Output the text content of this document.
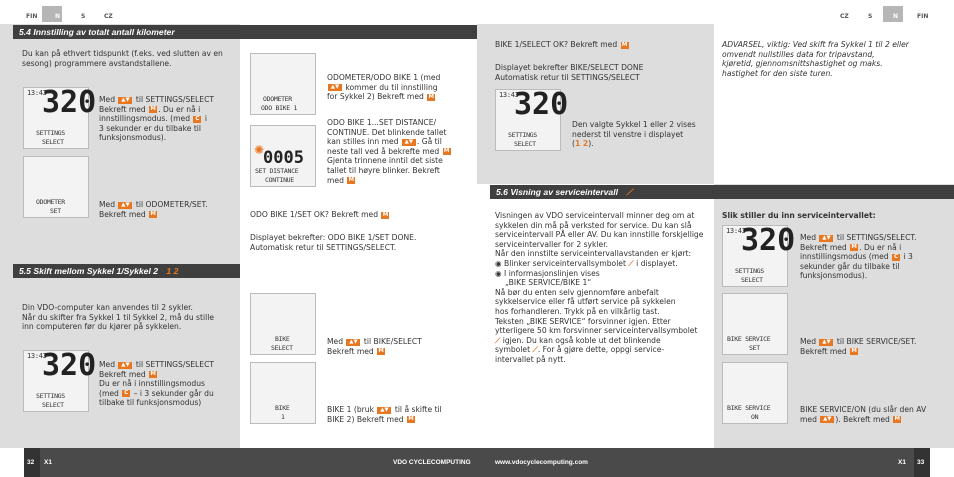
FIN	N	S	CZ	CZ	S	N	FIN
5.4 Innstilling av totalt antall kilometer
5.5 Skift mellom Sykkel 1/Sykkel 2 1 2
5.6 Visning av serviceintervall ⟋
Du kan på ethvert tidspunkt (f.eks. ved slutten av en sesong) programmere avstandstallene.
13:43
320
SETTINGS
SELECT
Med ▲▼ til SETTINGS/SELECT
Bekreft med M . Du er nå i
innstillingsmodus. (med C i
3 sekunder er du tilbake til
funksjonsmodus).
ODOMETER
SET
Med ▲▼ til ODOMETER/SET.
Bekreft med M
ODOMETER
ODO BIKE 1
ODOMETER/ODO BIKE 1 (med
▲▼ kommer du til innstilling
for Sykkel 2) Bekreft med M
0005
✺
SET DISTANCE
CONTINUE
ODO BIKE 1...SET DISTANCE/
CONTINUE. Det blinkende tallet
kan stilles inn med ▲▼ . Gå til
neste tall ved å bekrefte med M
Gjenta trinnene inntil det siste
tallet til høyre blinker. Bekreft
med M
ODO BIKE 1/SET OK? Bekreft med M
Displayet bekrefter: ODO BIKE 1/SET DONE.
Automatisk retur til SETTINGS/SELECT.
Din VDO-computer kan anvendes til 2 sykler.
Når du skifter fra Sykkel 1 til Sykkel 2, må du stille
inn computeren før du kjører på sykkelen.
13:43
320
SETTINGS
SELECT
Med ▲▼ til SETTINGS/SELECT
Bekreft med M
Du er nå i innstillingsmodus
(med C – i 3 sekunder går du
tilbake til funksjonsmodus)
BIKE
SELECT
Med ▲▼ til BIKE/SELECT
Bekreft med M
BIKE
1
BIKE 1 (bruk ▲▼ til å skifte til
BIKE 2) Bekreft med M
BIKE 1/SELECT OK? Bekreft med M
Displayet bekrefter BIKE/SELECT DONE
Automatisk retur til SETTINGS/SELECT
13:43
320
SETTINGS
SELECT
Den valgte Sykkel 1 eller 2 vises
nederst til venstre i displayet
(1 2).
ADVARSEL, viktig: Ved skift fra Sykkel 1 til 2 eller
omvendt nullstilles data for tripavstand,
kjøretid, gjennomsnittshastighet og maks.
hastighet for den siste turen.
Visningen av VDO serviceintervall minner deg om at
sykkelen din må på verksted for service. Du kan slå
serviceintervall PÅ eller AV. Du kan innstille forskjellige
serviceintervaller for 2 sykler.
Når den innstilte serviceintervallavstanden er kjørt:
◉ Blinker serviceintervallsymbolet ⟋ i displayet.
◉ I informasjonslinjen vises
„BIKE SERVICE/BIKE 1“
Nå bør du enten selv gjennomføre anbefalt
sykkelservice eller få utført service på sykkelen
hos forhandleren. Trykk på en vilkårlig tast.
Teksten „BIKE SERVICE“ forsvinner igjen. Etter
ytterligere 50 km forsvinner serviceintervallsymbolet
⟋ igjen. Du kan også koble ut det blinkende
symbolet ⟋. For å gjøre dette, oppgi service-
intervallet på nytt.
Slik stiller du inn serviceintervallet:
13:43
320
SETTINGS
SELECT
Med ▲▼ til SETTINGS/SELECT.
Bekreft med M . Du er nå i
innstillingsmodus (med C i 3
sekunder går du tilbake til
funksjonsmodus).
BIKE SERVICE
SET
Med ▲▼ til BIKE SERVICE/SET.
Bekreft med M
BIKE SERVICE
ON
BIKE SERVICE/ON (du slår den AV
med ▲▼ ). Bekreft med M
32 X1	VDO CYCLECOMPUTING	www.vdocyclecomputing.com	X1 33
